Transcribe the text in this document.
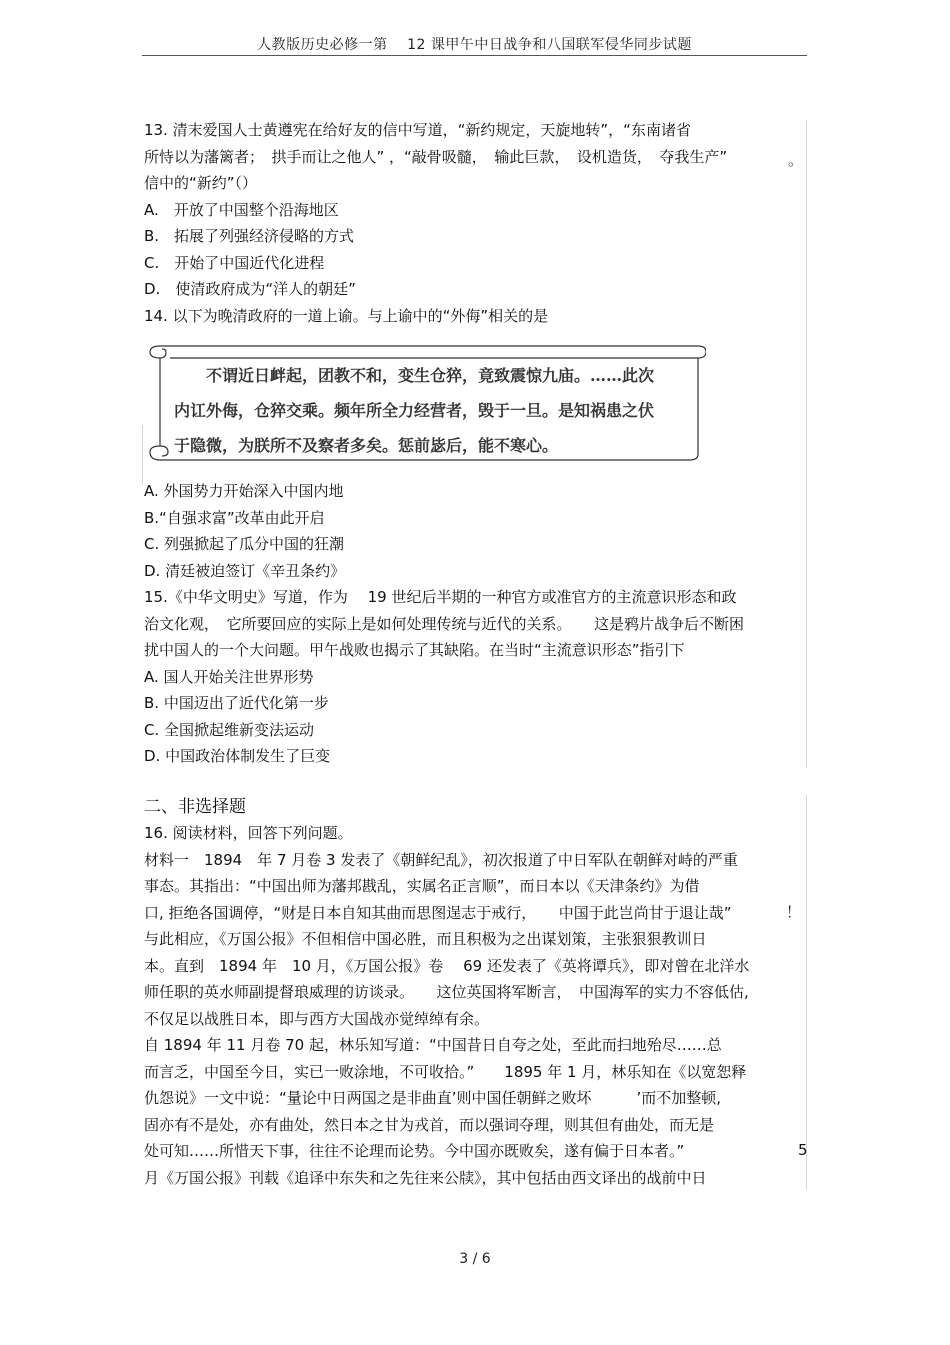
人教版历史必修一第　 12 课甲午中日战争和八国联军侵华同步试题
13. 清末爱国人士黄遵宪在给好友的信中写道，“新约规定，天旋地转”，“东南诸省
所恃以为藩篱者；　拱手而让之他人” ，“敲骨吸髓，　输此巨款，　设机造货，　夺我生产”
信中的“新约”（）
A.　开放了中国整个沿海地区
B.　拓展了列强经济侵略的方式
C.　开始了中国近代化进程
D.　使清政府成为“洋人的朝廷”
14. 以下为晚清政府的一道上谕。与上谕中的“外侮”相关的是
。
　　不谓近日衅起，团教不和，变生仓猝，竟致震惊九庙。……此次
内讧外侮，仓猝交乘。频年所全力经营者，毁于一旦。是知祸患之伏
于隐微，为朕所不及察者多矣。惩前毖后，能不寒心。
A. 外国势力开始深入中国内地
B.“自强求富”改革由此开启
C. 列强掀起了瓜分中国的狂潮
D. 清廷被迫签订《辛丑条约》
15.《中华文明史》写道，作为　 19 世纪后半期的一种官方或准官方的主流意识形态和政
治文化观，　它所要回应的实际上是如何处理传统与近代的关系。　　这是鸦片战争后不断困
扰中国人的一个大问题。甲午战败也揭示了其缺陷。在当时“主流意识形态”指引下
A. 国人开始关注世界形势
B. 中国迈出了近代化第一步
C. 全国掀起维新变法运动
D. 中国政治体制发生了巨变
二、非选择题
16. 阅读材料，回答下列问题。
材料一　1894　年 7 月卷 3 发表了《朝鲜纪乱》，初次报道了中日军队在朝鲜对峙的严重
事态。其指出：“中国出师为藩邦戡乱，实属名正言顺”，而日本以《天津条约》为借
口, 拒绝各国调停，“财是日本自知其曲而思图逞志于戒行，　　中国于此岂尚甘于退让哉”
与此相应，《万国公报》不但相信中国必胜，而且积极为之出谋划策，主张狠狠教训日
本。直到　1894 年　10 月，《万国公报》卷　 69 还发表了《英将谭兵》，即对曾在北洋水
师任职的英水师副提督琅威理的访谈录。　　这位英国将军断言，　中国海军的实力不容低估,
不仅足以战胜日本，即与西方大国战亦觉绰绰有余。
自 1894 年 11 月卷 70 起，林乐知写道：“中国昔日自夸之处，至此而扫地殆尽……总
而言乏，中国至今日，实已一败涂地，不可收拾。”　　1895 年 1 月，林乐知在《以宽恕释
仇怨说》一文中说：“量论中日两国之是非曲直’则中国任朝鲜之败坏　　　’而不加整顿,
固亦有不是处，亦有曲处，然日本之甘为戎首，而以强词夺理，则其但有曲处，而无是
处可知……所惜天下事，往往不论理而论势。今中国亦既败矣，遂有偏于日本者。”
月《万国公报》刊载《追译中东失和之先往来公牍》，其中包括由西文译出的战前中日
！
5
3 / 6
